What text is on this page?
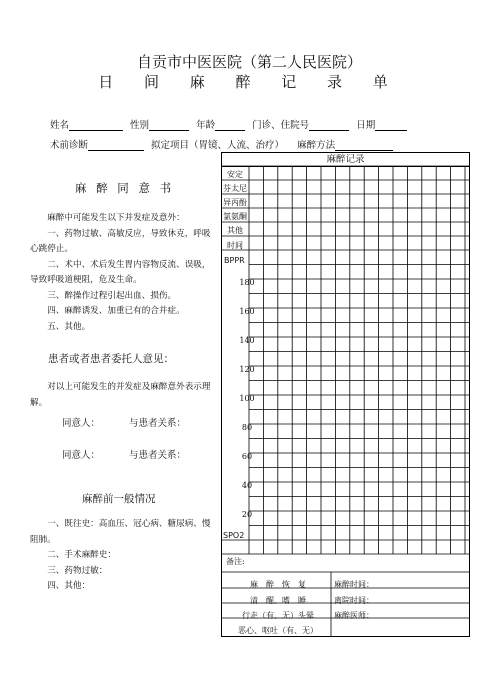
自贡市中医医院（第二人民医院）
日 间 麻 醉 记 录 单
姓名	性别	年龄	门诊、住院号	日期
术前诊断	拟定项目（胃镜、人流、治疗） 麻醉方法
麻 醉 同 意 书

麻醉中可能发生以下并发症及意外：

一、药物过敏、高敏反应，导致休克，呼吸心跳停止。

二、术中、术后发生胃内容物反流、误吸，导致呼吸道梗阻，危及生命。

三、醉操作过程引起出血、损伤。

四、麻醉诱发、加重已有的合并症。

五、其他。

患者或者患者委托人意见：

对以上可能发生的并发症及麻醉意外表示理解。

同意人：	与患者关系：
同意人：	与患者关系：
麻醉前一般情况

一、既往史：高血压、冠心病、糖尿病、慢阻肺。

二、手术麻醉史：

三、药物过敏：

四、其他：

麻醉记录
安定
芬太尼
异丙酚
氯氨酮
其他
时间
BPPR
180
160
140
120
100
80
60
40
20
SPO2
备注:
麻　醉　恢　复	麻醉时间：
清　醒、嗜　睡	离院时间：
行走（有、无）头晕	麻醉医师：
恶心、呕吐（有、无）
